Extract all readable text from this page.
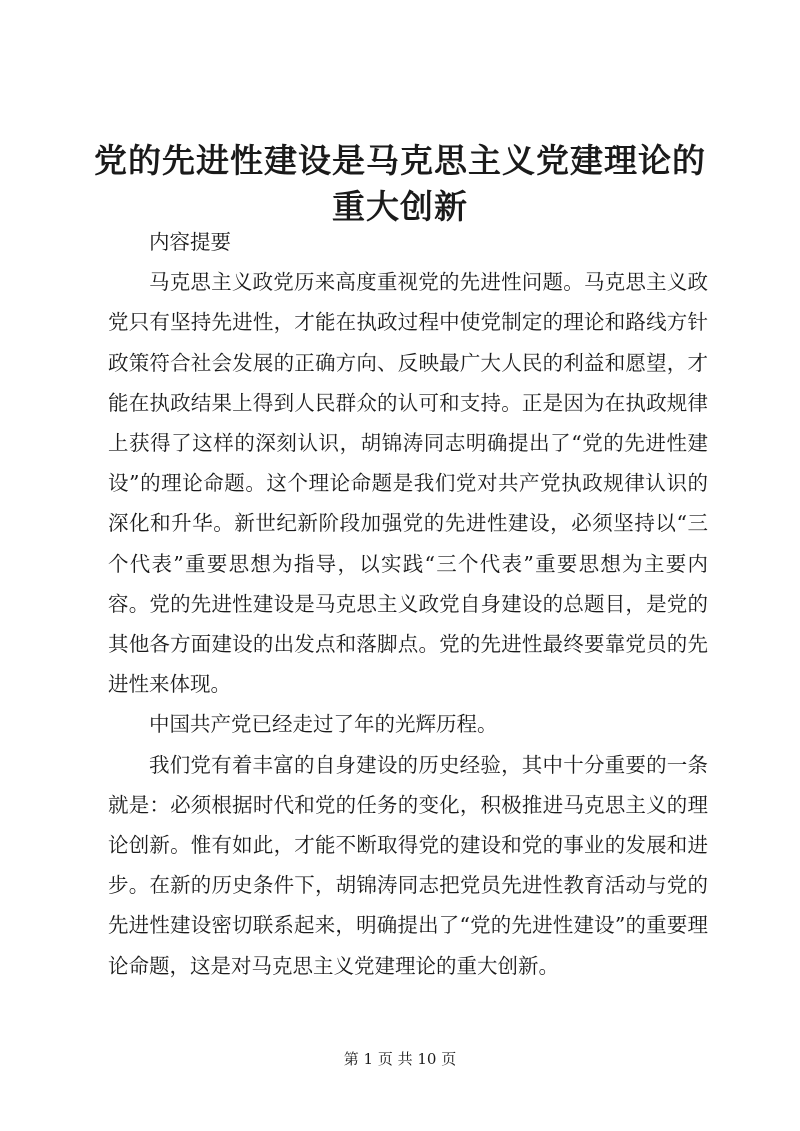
党的先进性建设是马克思主义党建理论的重大创新

内容提要

马克思主义政党历来高度重视党的先进性问题。马克思主义政党只有坚持先进性，才能在执政过程中使党制定的理论和路线方针政策符合社会发展的正确方向、反映最广大人民的利益和愿望，才能在执政结果上得到人民群众的认可和支持。正是因为在执政规律上获得了这样的深刻认识，胡锦涛同志明确提出了“党的先进性建设”的理论命题。这个理论命题是我们党对共产党执政规律认识的深化和升华。新世纪新阶段加强党的先进性建设，必须坚持以“三个代表”重要思想为指导，以实践“三个代表”重要思想为主要内容。党的先进性建设是马克思主义政党自身建设的总题目，是党的其他各方面建设的出发点和落脚点。党的先进性最终要靠党员的先进性来体现。

中国共产党已经走过了年的光辉历程。

我们党有着丰富的自身建设的历史经验，其中十分重要的一条就是：必须根据时代和党的任务的变化，积极推进马克思主义的理论创新。惟有如此，才能不断取得党的建设和党的事业的发展和进步。在新的历史条件下，胡锦涛同志把党员先进性教育活动与党的先进性建设密切联系起来，明确提出了“党的先进性建设”的重要理论命题，这是对马克思主义党建理论的重大创新。

第 1 页 共 10 页
